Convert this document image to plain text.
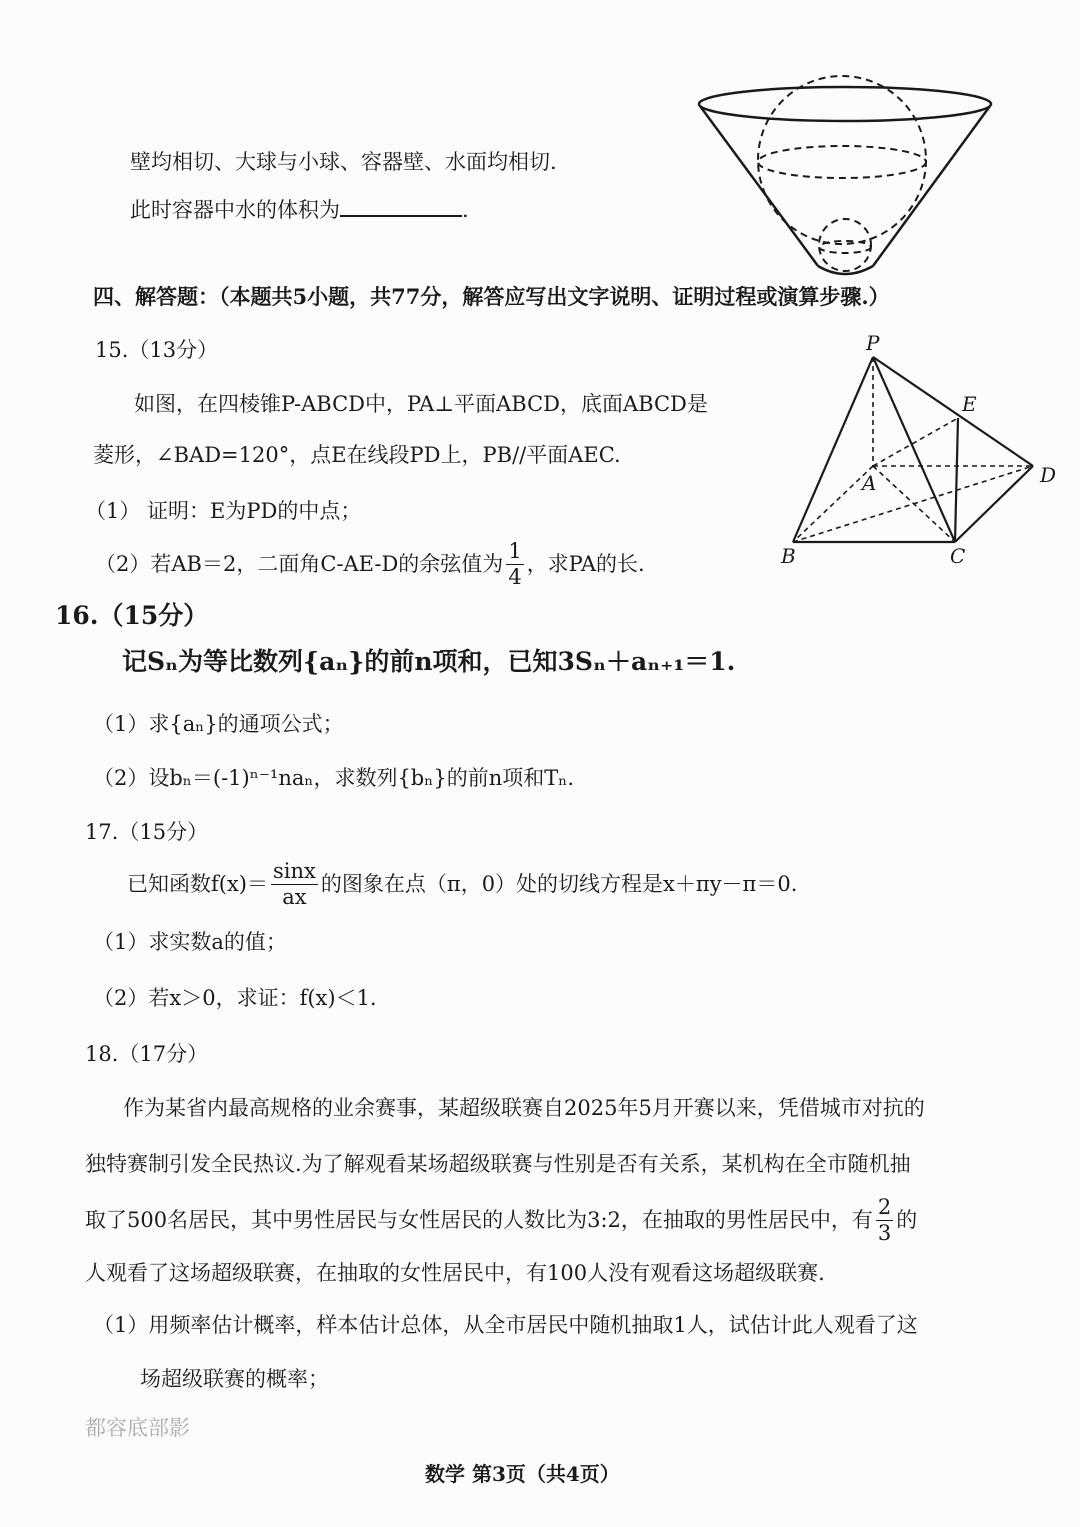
P
E
D
A
B	C
壁均相切、大球与小球、容器壁、水面均相切.
此时容器中水的体积为	.
四、解答题：（本题共5小题，共77分，解答应写出文字说明、证明过程或演算步骤.）
15.（13分）
如图，在四棱锥P-ABCD中，PA⊥平面ABCD，底面ABCD是
菱形，∠BAD=120°，点E在线段PD上，PB//平面AEC.
（1） 证明：E为PD的中点；
（2）若AB＝2，二面角C-AE-D的余弦值为 $\frac{1}{4}$ ，求PA的长.
16.（15分）
记Sₙ为等比数列{aₙ}的前n项和，已知3Sₙ＋aₙ₊₁＝1.
（1）求{aₙ}的通项公式；
（2）设bₙ＝(-1)ⁿ⁻¹naₙ，求数列{bₙ}的前n项和Tₙ.
17.（15分）
已知函数$f(x)= \frac{\sin x}{ax}$ 的图象在点（π，0）处的切线方程是x＋πy－π＝0.
（1）求实数a的值；
（2）若x＞0，求证：f(x)＜1.
18.（17分）
作为某省内最高规格的业余赛事，某超级联赛自2025年5月开赛以来，凭借城市对抗的
独特赛制引发全民热议.为了解观看某场超级联赛与性别是否有关系，某机构在全市随机抽
取了500名居民，其中男性居民与女性居民的人数比为3:2，在抽取的男性居民中，有 $\frac{2}{3}$ 的
人观看了这场超级联赛，在抽取的女性居民中，有100人没有观看这场超级联赛.
（1）用频率估计概率，样本估计总体，从全市居民中随机抽取1人，试估计此人观看了这
场超级联赛的概率；
都容底部影
数学 第3页（共4页）
